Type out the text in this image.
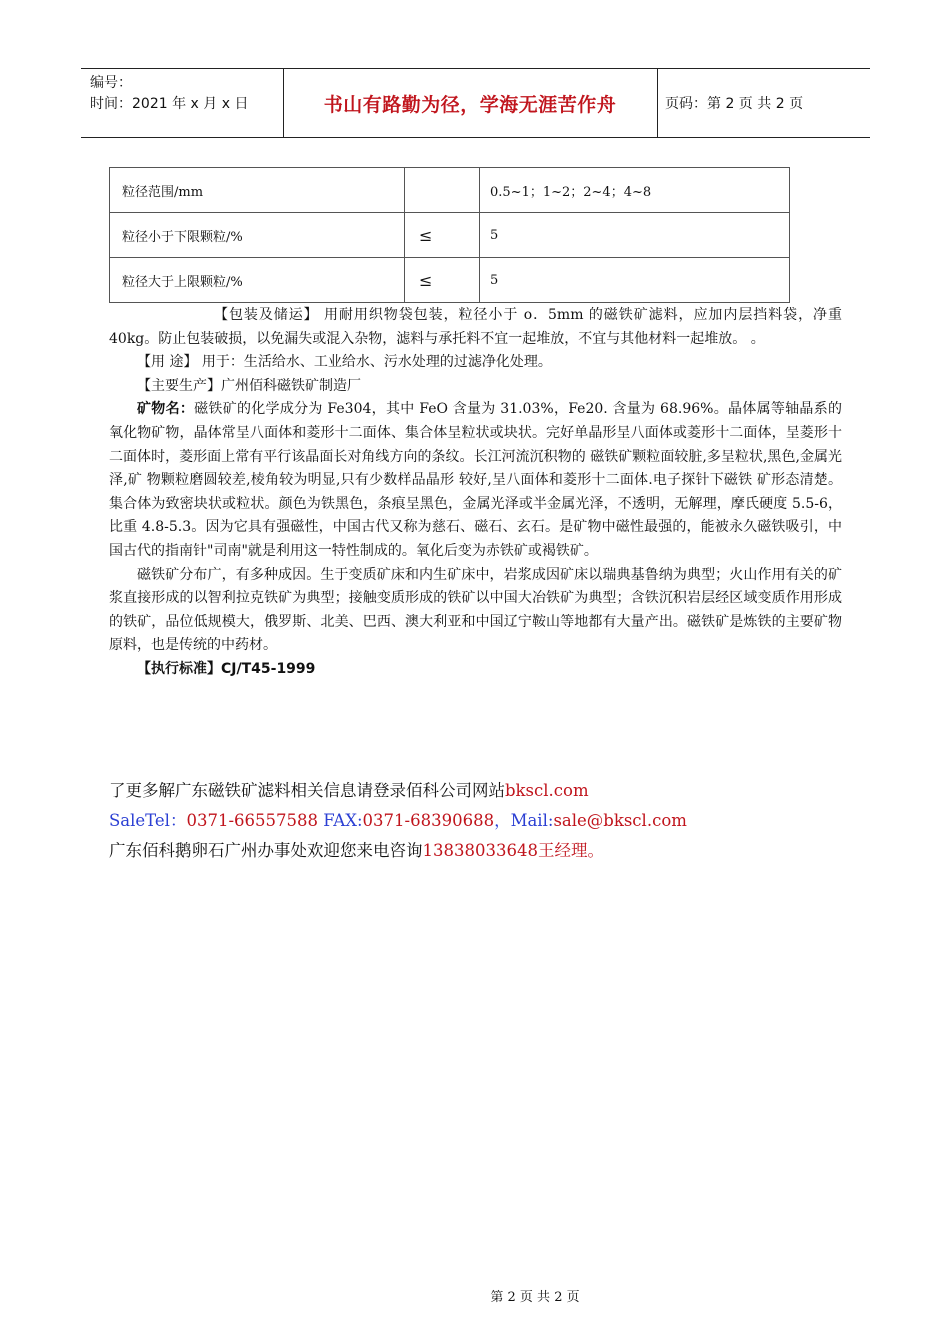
编号：
时间：2021 年 x 月 x 日	书山有路勤为径，学海无涯苦作舟	页码：第 2 页 共 2 页
粒径范围/mm		0.5~1；1~2；2~4；4~8
粒径小于下限颗粒/%	≤	5
粒径大于上限颗粒/%	≤	5

【包装及储运】 用耐用织物袋包装，粒径小于 o．5mm 的磁铁矿滤料，应加内层挡料袋，净重 40kg。防止包装破损，以免漏失或混入杂物，滤料与承托料不宜一起堆放，不宜与其他材料一起堆放。 。

【用 途】 用于：生活给水、工业给水、污水处理的过滤净化处理。

【主要生产】广州佰科磁铁矿制造厂

矿物名：磁铁矿的化学成分为 Fe304，其中 FeO 含量为 31.03%，Fe20. 含量为 68.96%。晶体属等轴晶系的氧化物矿物，晶体常呈八面体和菱形十二面体、集合体呈粒状或块状。完好单晶形呈八面体或菱形十二面体，呈菱形十二面体时，菱形面上常有平行该晶面长对角线方向的条纹。长江河流沉积物的 磁铁矿颗粒面较脏,多呈粒状,黑色,金属光泽,矿 物颗粒磨圆较差,棱角较为明显,只有少数样品晶形 较好,呈八面体和菱形十二面体.电子探针下磁铁 矿形态清楚。集合体为致密块状或粒状。颜色为铁黑色，条痕呈黑色，金属光泽或半金属光泽，不透明，无解理，摩氏硬度 5.5-6，比重 4.8-5.3。因为它具有强磁性，中国古代又称为慈石、磁石、玄石。是矿物中磁性最强的，能被永久磁铁吸引，中国古代的指南针"司南"就是利用这一特性制成的。氧化后变为赤铁矿或褐铁矿。

磁铁矿分布广，有多种成因。生于变质矿床和内生矿床中，岩浆成因矿床以瑞典基鲁纳为典型；火山作用有关的矿浆直接形成的以智利拉克铁矿为典型；接触变质形成的铁矿以中国大冶铁矿为典型；含铁沉积岩层经区域变质作用形成的铁矿，品位低规模大，俄罗斯、北美、巴西、澳大利亚和中国辽宁鞍山等地都有大量产出。磁铁矿是炼铁的主要矿物原料，也是传统的中药材。

【执行标准】CJ/T45-1999

了更多解广东磁铁矿滤料相关信息请登录佰科公司网站bkscl.com

SaleTel：0371-66557588 FAX:0371-68390688，Mail:sale@bkscl.com

广东佰科鹅卵石广州办事处欢迎您来电咨询13838033648王经理。

第 2 页 共 2 页
